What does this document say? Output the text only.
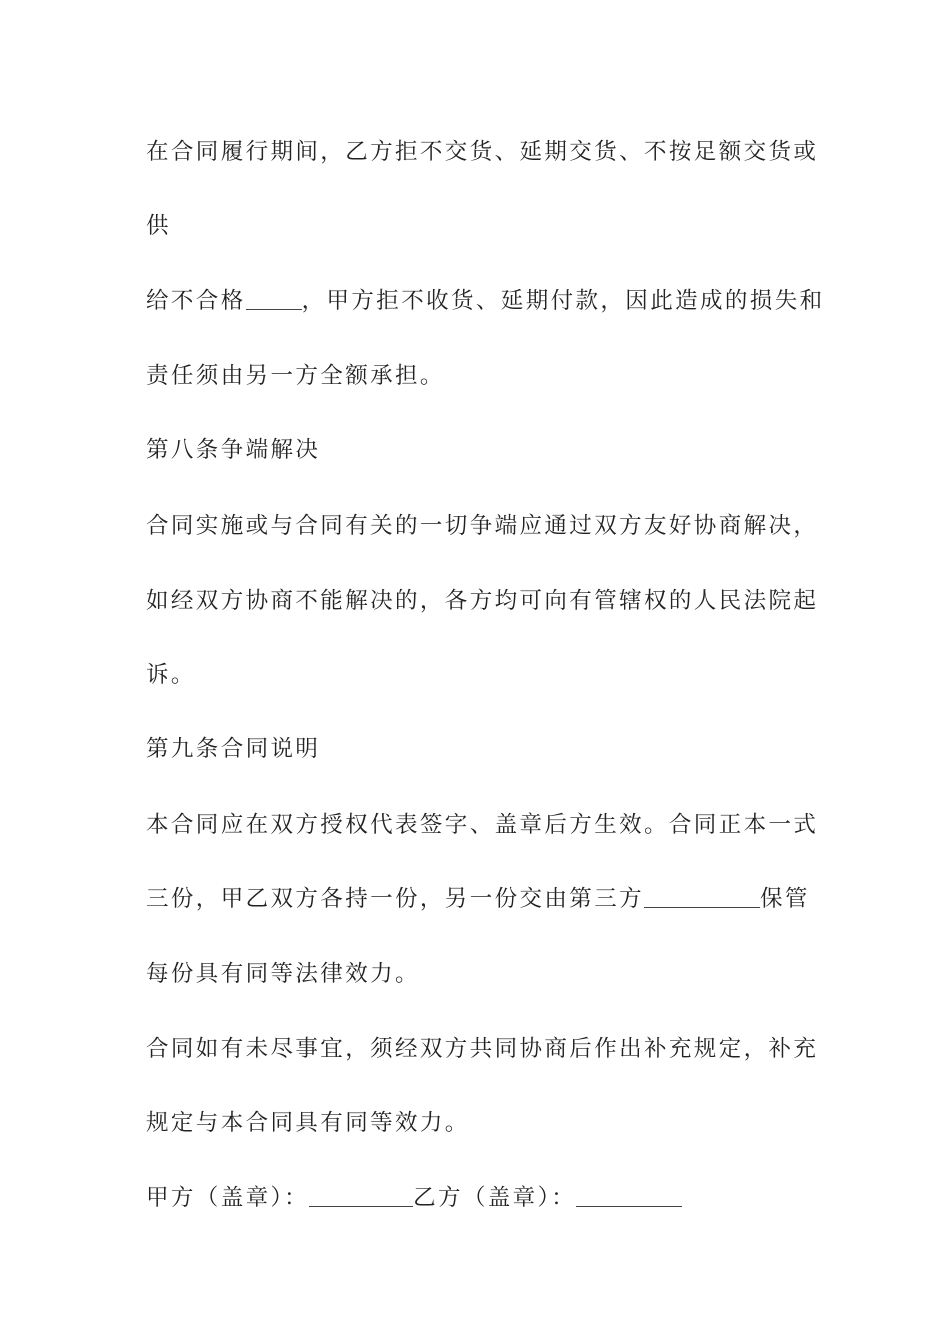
在合同履行期间，乙方拒不交货、延期交货、不按足额交货或
供
给不合格 ，甲方拒不收货、延期付款，因此造成的损失和
责任须由另一方全额承担。
第八条争端解决
合同实施或与合同有关的一切争端应通过双方友好协商解决，
如经双方协商不能解决的，各方均可向有管辖权的人民法院起
诉。
第九条合同说明
本合同应在双方授权代表签字、盖章后方生效。合同正本一式
三份，甲乙双方各持一份，另一份交由第三方	保管
每份具有同等法律效力。
合同如有未尽事宜，须经双方共同协商后作出补充规定，补充
规定与本合同具有同等效力。
甲方（盖章）：	乙方（盖章）：
